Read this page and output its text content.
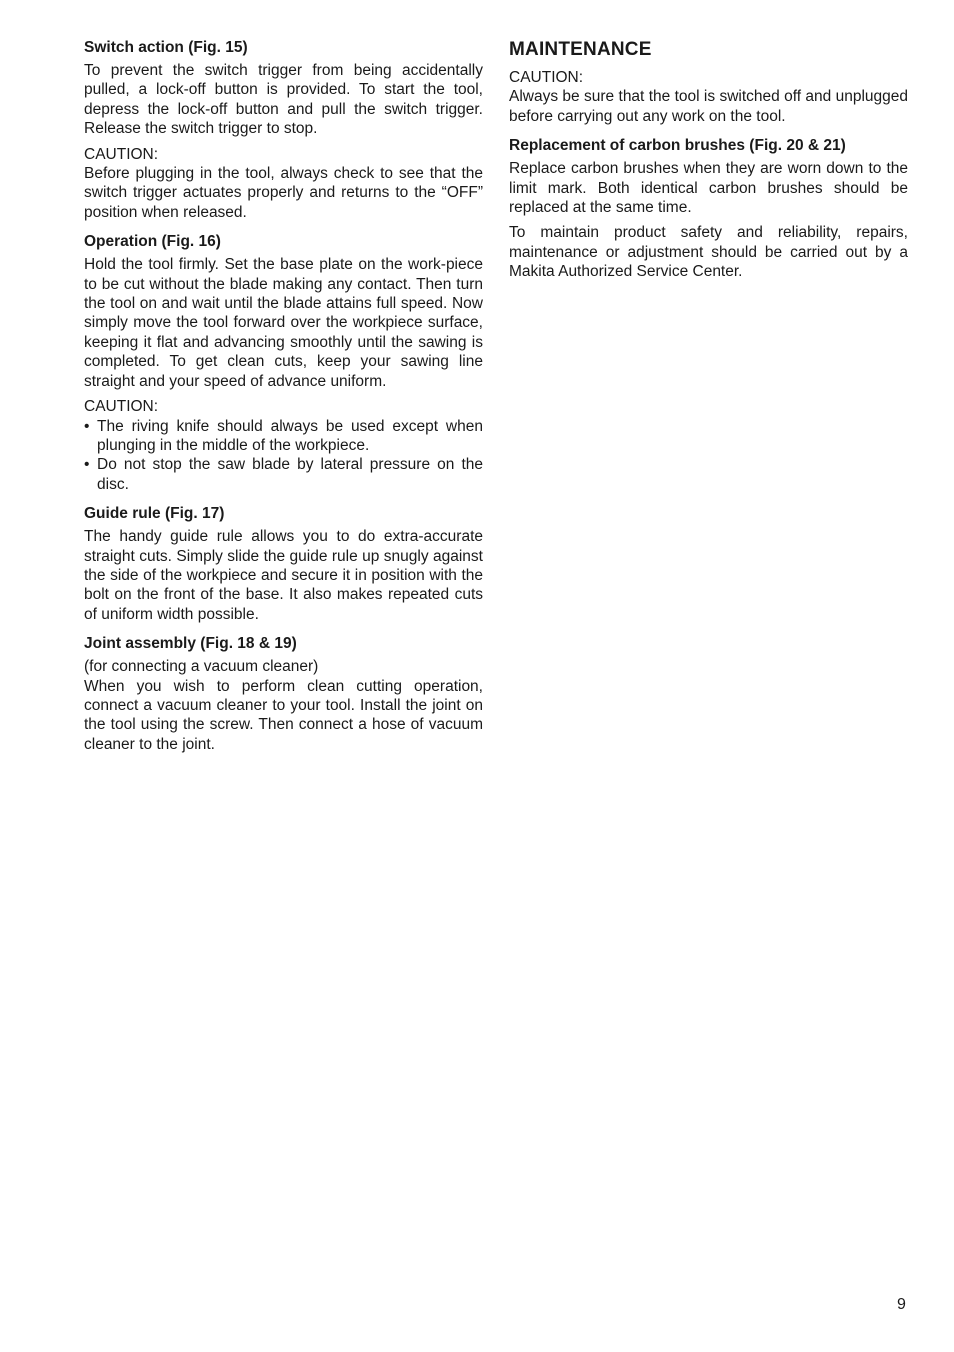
Switch action (Fig. 15)

To prevent the switch trigger from being accidentally pulled, a lock-off button is provided. To start the tool, depress the lock-off button and pull the switch trigger. Release the switch trigger to stop.

CAUTION:

Before plugging in the tool, always check to see that the switch trigger actuates properly and returns to the “OFF” position when released.

Operation (Fig. 16)

Hold the tool firmly. Set the base plate on the work-piece to be cut without the blade making any contact. Then turn the tool on and wait until the blade attains full speed. Now simply move the tool forward over the workpiece surface, keeping it flat and advancing smoothly until the sawing is completed. To get clean cuts, keep your sawing line straight and your speed of advance uniform.

CAUTION:

• The riving knife should always be used except when plunging in the middle of the workpiece.
• Do not stop the saw blade by lateral pressure on the disc.
Guide rule (Fig. 17)

The handy guide rule allows you to do extra-accurate straight cuts. Simply slide the guide rule up snugly against the side of the workpiece and secure it in position with the bolt on the front of the base. It also makes repeated cuts of uniform width possible.

Joint assembly (Fig. 18 & 19)

(for connecting a vacuum cleaner)

When you wish to perform clean cutting operation, connect a vacuum cleaner to your tool. Install the joint on the tool using the screw. Then connect a hose of vacuum cleaner to the joint.

MAINTENANCE

CAUTION:

Always be sure that the tool is switched off and unplugged before carrying out any work on the tool.

Replacement of carbon brushes (Fig. 20 & 21)

Replace carbon brushes when they are worn down to the limit mark. Both identical carbon brushes should be replaced at the same time.

To maintain product safety and reliability, repairs, maintenance or adjustment should be carried out by a Makita Authorized Service Center.

9
